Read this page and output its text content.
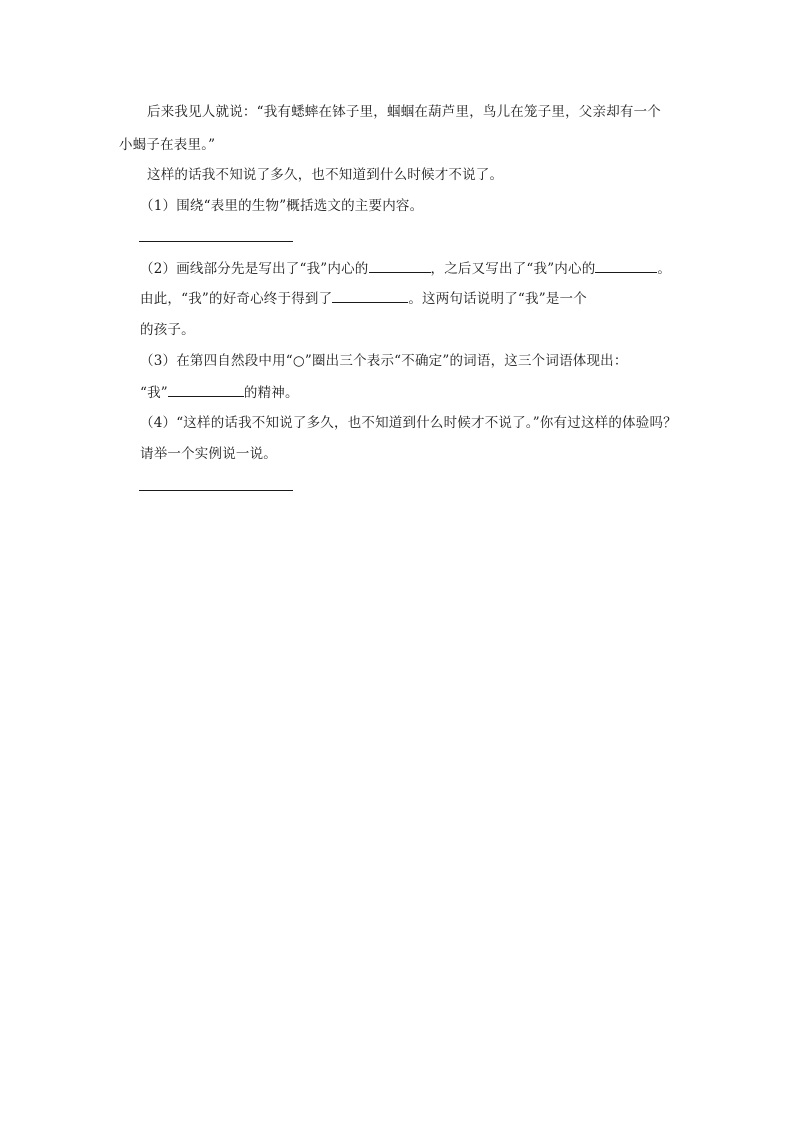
后来我见人就说：“我有蟋蟀在钵子里，蝈蝈在葫芦里，鸟儿在笼子里，父亲却有一个
小蝎子在表里。”
这样的话我不知说了多久，也不知道到什么时候才不说了。
（1）围绕“表里的生物”概括选文的主要内容。
（2）画线部分先是写出了“我”内心的	，之后又写出了“我”内心的	。
由此，“我”的好奇心终于得到了	。这两句话说明了“我”是一个
的孩子。
（3）在第四自然段中用“○”圈出三个表示“不确定”的词语，这三个词语体现出：
“我”	的精神。
（4）“这样的话我不知说了多久，也不知道到什么时候才不说了。”你有过这样的体验吗？
请举一个实例说一说。
